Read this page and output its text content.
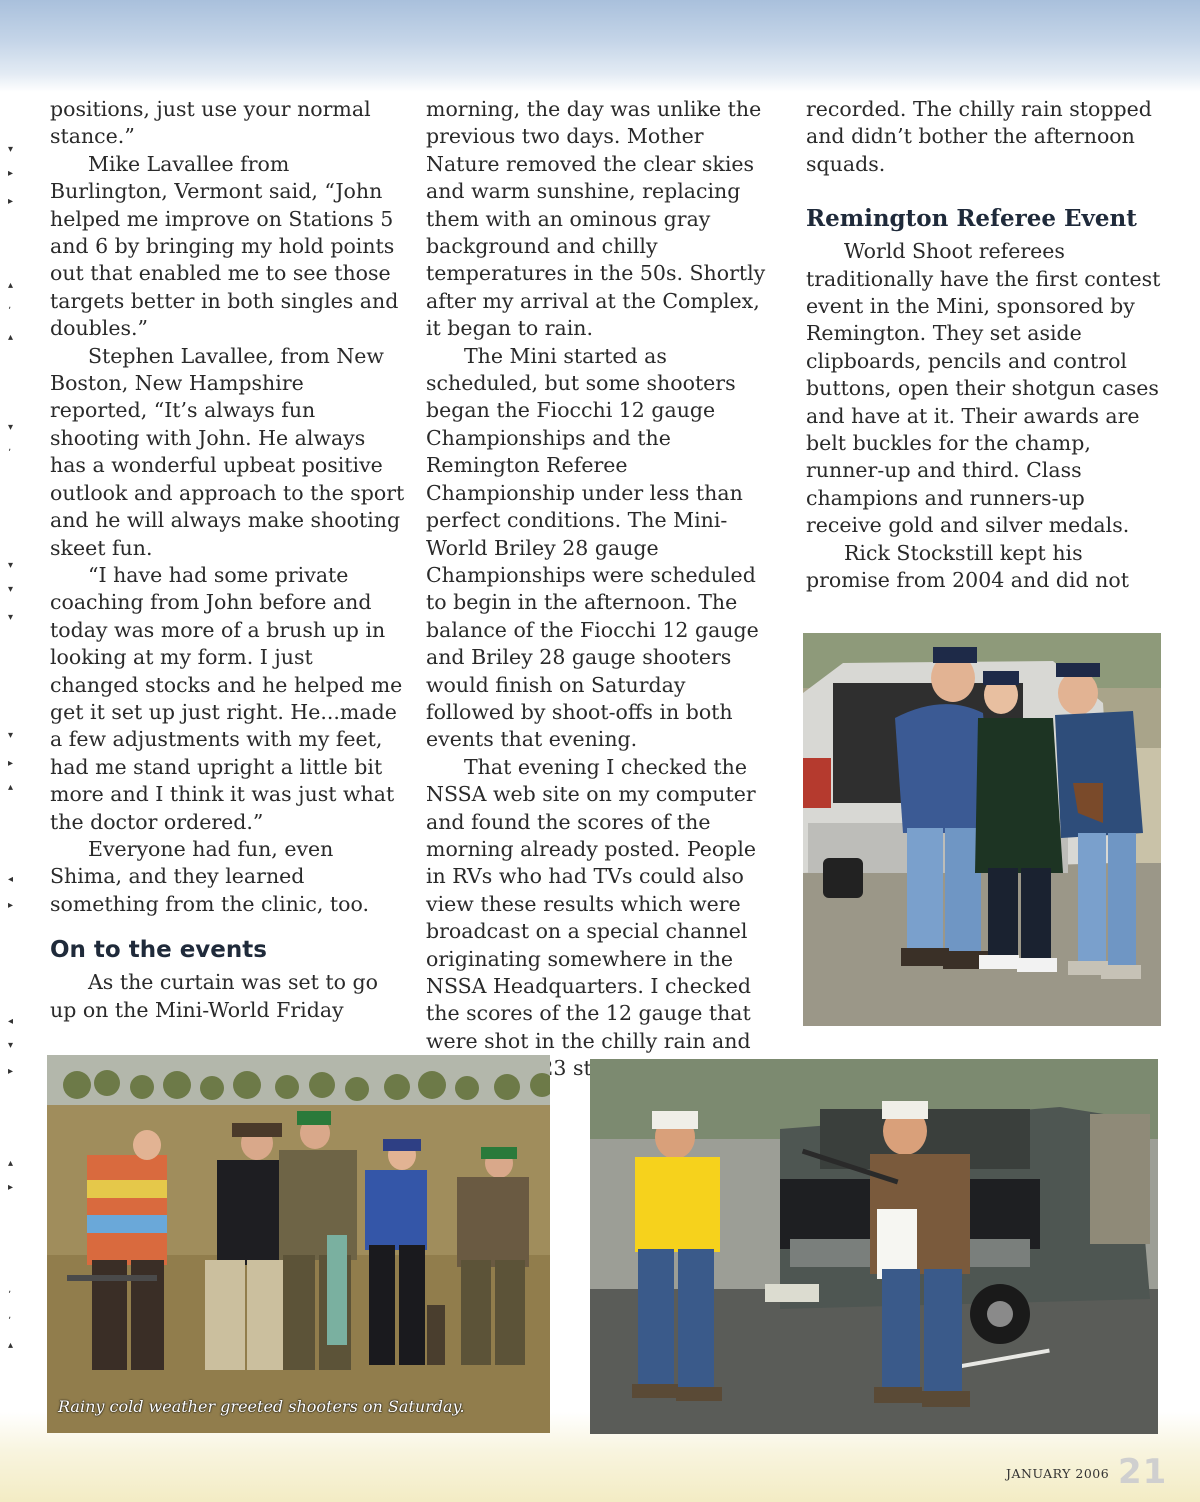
▾
▸
▸
▴
ʼ
▴
▾
ʼ
▾
▾
▾
▾
▸
▴
◂
▸
◂
▾
▸
▴
▸
ʼ
ʼ
▴

positions, just use your normal stance.”

Mike Lavallee from Burlington, Vermont said, “John helped me improve on Stations 5 and 6 by bringing my hold points out that enabled me to see those targets better in both singles and doubles.”

Stephen Lavallee, from New Boston, New Hampshire reported, “It’s always fun shooting with John. He always has a wonderful upbeat positive outlook and approach to the sport and he will always make shooting skeet fun.

“I have had some private coaching from John before and today was more of a brush up in looking at my form. I just changed stocks and he helped me get it set up just right. He...made a few adjustments with my feet, had me stand upright a little bit more and I think it was just what the doctor ordered.”

Everyone had fun, even Shima, and they learned something from the clinic, too.

On to the events

As the curtain was set to go up on the Mini-World Friday

morning, the day was unlike the previous two days. Mother Nature removed the clear skies and warm sunshine, replacing them with an ominous gray background and chilly temperatures in the 50s. Shortly after my arrival at the Complex, it began to rain.

The Mini started as scheduled, but some shooters began the Fiocchi 12 gauge Championships and the Remington Referee Championship under less than perfect conditions. The Mini-World Briley 28 gauge Championships were scheduled to begin in the afternoon. The balance of the Fiocchi 12 gauge and Briley 28 gauge shooters would finish on Saturday followed by shoot-offs in both events that evening.

That evening I checked the NSSA web site on my computer and found the scores of the morning already posted. People in RVs who had TVs could also view these results which were broadcast on a special channel originating somewhere in the NSSA Headquarters. I checked the scores of the 12 gauge that were shot in the chilly rain and 23

recorded. The chilly rain stopped and didn’t bother the afternoon squads.

Remington Referee Event

World Shoot referees traditionally have the first contest event in the Mini, sponsored by Remington. They set aside clipboards, pencils and control buttons, open their shotgun cases and have at it. Their awards are belt buckles for the champ, runner-up and third. Class champions and runners-up receive gold and silver medals.

Rick Stockstill kept his promise from 2004 and did not

Rainy cold weather greeted shooters on Saturday.
JANUARY 2006 21
